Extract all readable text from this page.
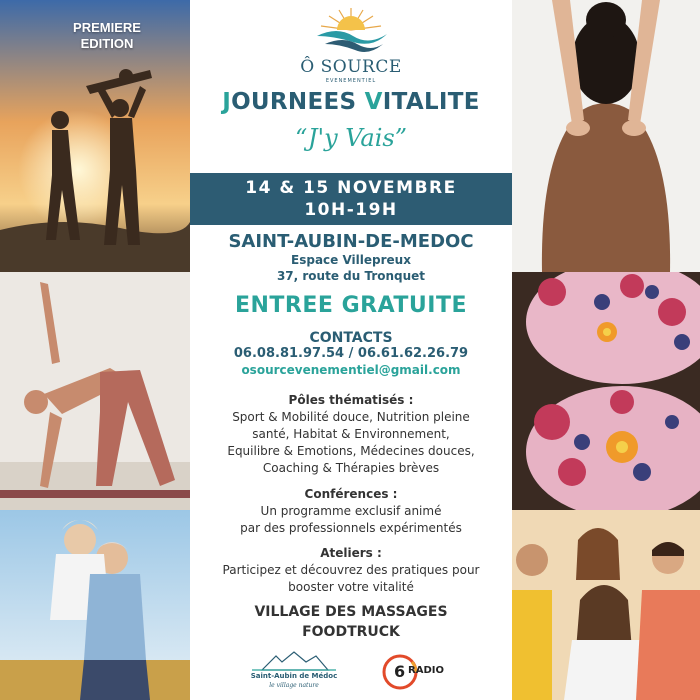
PREMIERE
EDITION
Ô SOURCE
EVENEMENTIEL
JOURNEES VITALITE
“J'y Vais”
14 & 15 NOVEMBRE
10H-19H
SAINT-AUBIN-DE-MEDOC
Espace Villepreux
37, route du Tronquet
ENTREE GRATUITE
CONTACTS
06.08.81.97.54 / 06.61.62.26.79
osourcevenementiel@gmail.com
Pôles thématisés :
Sport & Mobilité douce, Nutrition pleine
santé, Habitat & Environnement,
Equilibre & Emotions, Médecines douces,
Coaching & Thérapies brèves
Conférences :
Un programme exclusif animé
par des professionnels expérimentés
Ateliers :
Participez et découvrez des pratiques pour
booster votre vitalité
VILLAGE DES MASSAGES
FOODTRUCK
Saint-Aubin de Médoc
le village nature
6 RADIO
